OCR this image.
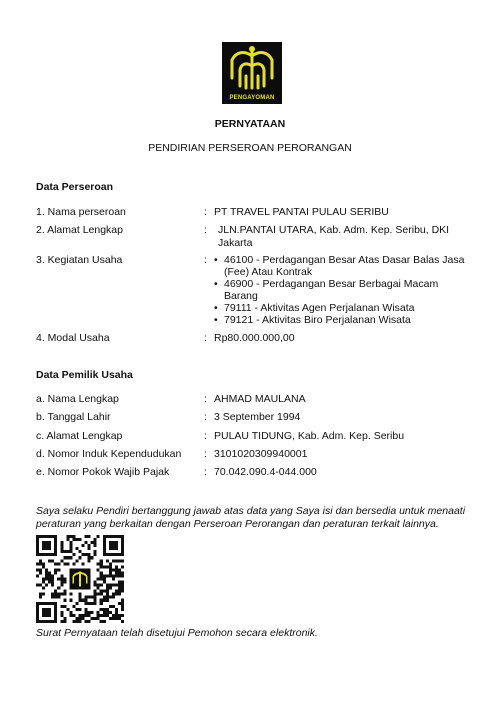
PENGAYOMAN
PERNYATAAN
PENDIRIAN PERSEROAN PERORANGAN
Data Perseroan
1. Nama perseroan	: PT TRAVEL PANTAI PULAU SERIBU
2. Alamat Lengkap	:	JLN.PANTAI UTARA, Kab. Adm. Kep. Seribu, DKI Jakarta
3. Kegiatan Usaha	:
•	46100 - Perdagangan Besar Atas Dasar Balas Jasa (Fee) Atau Kontrak
• 46900 - Perdagangan Besar Berbagai Macam Barang
• 79111 - Aktivitas Agen Perjalanan Wisata
• 79121 - Aktivitas Biro Perjalanan Wisata
4. Modal Usaha	: Rp80.000.000,00
Data Pemilik Usaha
a. Nama Lengkap	: AHMAD MAULANA
b. Tanggal Lahir	: 3 September 1994
c. Alamat Lengkap	: PULAU TIDUNG, Kab. Adm. Kep. Seribu
d. Nomor Induk Kependudukan	: 3101020309940001
e. Nomor Pokok Wajib Pajak	: 70.042.090.4-044.000
Saya selaku Pendiri bertanggung jawab atas data yang Saya isi dan bersedia untuk menaati peraturan yang berkaitan dengan Perseroan Perorangan dan peraturan terkait lainnya.
Surat Pernyataan telah disetujui Pemohon secara elektronik.
